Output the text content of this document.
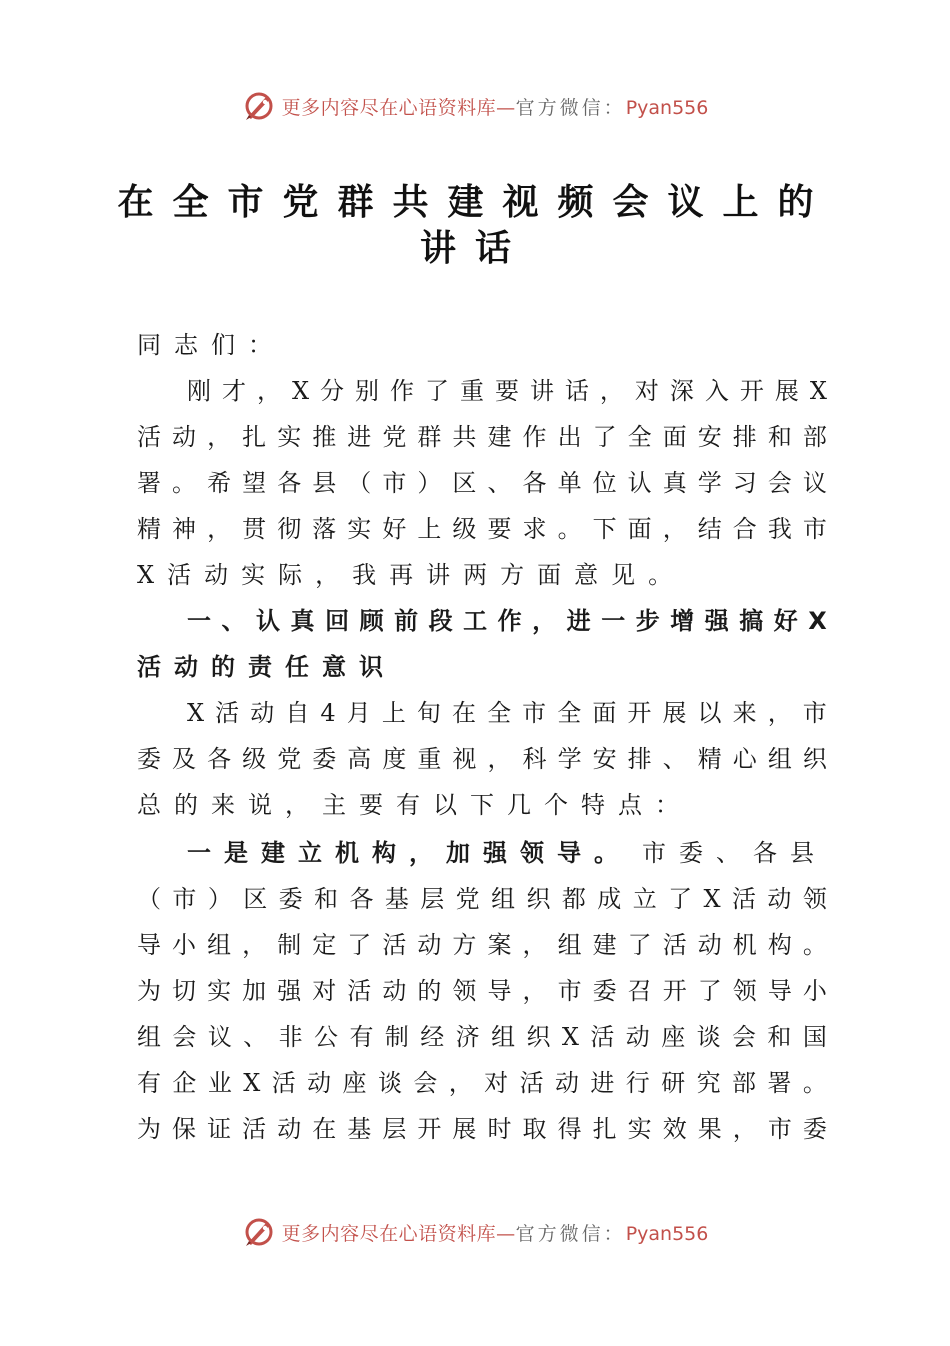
更多内容尽在心语资料库—官方微信：Pyan556
在全市党群共建视频会议上的
讲话
同志们：
刚 才 ， X 分 别 作 了 重 要 讲 话 ， 对 深 入 开 展 X
活 动 ， 扎 实 推 进 党 群 共 建 作 出 了 全 面 安 排 和 部
署 。 希 望 各 县 （ 市 ） 区 、 各 单 位 认 真 学 习 会 议
精 神 ， 贯 彻 落 实 好 上 级 要 求 。 下 面 ， 结 合 我 市
X活动实际，我再讲两方面意见。
一 、 认 真 回 顾 前 段 工 作 ， 进 一 步 增 强 搞 好 X
活动的责任意识
X 活 动 自 4 月 上 旬 在 全 市 全 面 开 展 以 来 ， 市
委 及 各 级 党 委 高 度 重 视 ， 科 学 安 排 、 精 心 组 织
总的来说，主要有以下几个特点：
一是建立机构，加强领导。 市委、各县
（ 市 ） 区 委 和 各 基 层 党 组 织 都 成 立 了 X 活 动 领
导 小 组 ， 制 定 了 活 动 方 案 ， 组 建 了 活 动 机 构 。
为 切 实 加 强 对 活 动 的 领 导 ， 市 委 召 开 了 领 导 小
组 会 议 、 非 公 有 制 经 济 组 织 X 活 动 座 谈 会 和 国
有 企 业 X 活 动 座 谈 会 ， 对 活 动 进 行 研 究 部 署 。
为 保 证 活 动 在 基 层 开 展 时 取 得 扎 实 效 果 ， 市 委
更多内容尽在心语资料库—官方微信：Pyan556
